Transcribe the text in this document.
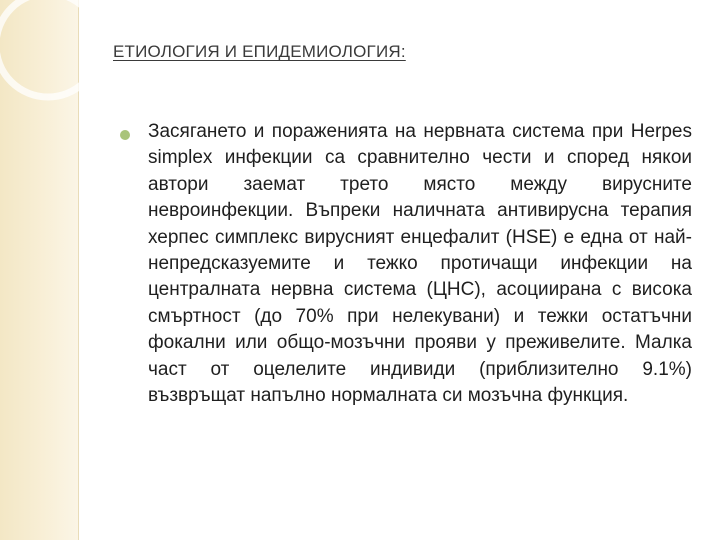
ЕТИОЛОГИЯ И ЕПИДЕМИОЛОГИЯ:

Засягането и пораженията на нервната система при Herpes simplex инфекции са сравнително чести и според някои автори заемат трето място между вирусните невроинфекции. Въпреки наличната антивирусна терапия херпес симплекс вирусният енцефалит (HSE) е една от най-непредсказуемите и тежко протичащи инфекции на централната нервна система (ЦНС), асоциирана с висока смъртност (до 70% при нелекувани) и тежки остатъчни фокални или общо-мозъчни прояви у преживелите. Малка част от оцелелите индивиди (приблизително 9.1%) възвръщат напълно нормалната си мозъчна функция.
